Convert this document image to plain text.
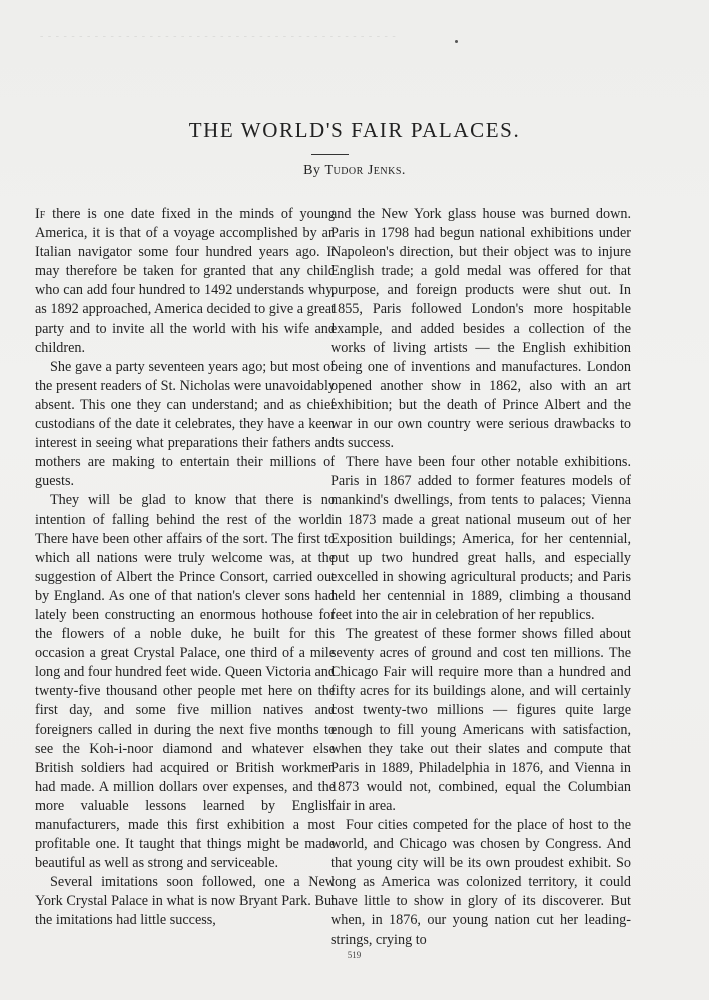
- - - - - - - - - - - - - - - - - - - - - - - - - - - - - - - - - - - - - - - - - - - - - -
THE WORLD'S FAIR PALACES.
By Tudor Jenks.

If there is one date fixed in the minds of young America, it is that of a voyage accomplished by an Italian navigator some four hundred years ago. It may therefore be taken for granted that any child who can add four hundred to 1492 understands why, as 1892 approached, America decided to give a great party and to invite all the world with his wife and children.

She gave a party seventeen years ago; but most of the present readers of St. Nicholas were unavoidably absent. This one they can understand; and as chief custodians of the date it celebrates, they have a keen interest in seeing what preparations their fathers and mothers are making to entertain their millions of guests.

They will be glad to know that there is no intention of falling behind the rest of the world. There have been other affairs of the sort. The first to which all nations were truly welcome was, at the suggestion of Albert the Prince Consort, carried out by England. As one of that nation's clever sons had lately been constructing an enormous hothouse for the flowers of a noble duke, he built for this occasion a great Crystal Palace, one third of a mile long and four hundred feet wide. Queen Victoria and twenty-five thousand other people met here on the first day, and some five million natives and foreigners called in during the next five months to see the Koh-i-noor diamond and whatever else British soldiers had acquired or British workmen had made. A million dollars over expenses, and the more valuable lessons learned by English manufacturers, made this first exhibition a most profitable one. It taught that things might be made beautiful as well as strong and serviceable.

Several imitations soon followed, one a New York Crystal Palace in what is now Bryant Park. But the imitations had little success,

and the New York glass house was burned down. Paris in 1798 had begun national exhibitions under Napoleon's direction, but their object was to injure English trade; a gold medal was offered for that purpose, and foreign products were shut out. In 1855, Paris followed London's more hospitable example, and added besides a collection of the works of living artists — the English exhibition being one of inventions and manufactures. London opened another show in 1862, also with an art exhibition; but the death of Prince Albert and the war in our own country were serious drawbacks to its success.

There have been four other notable exhibitions. Paris in 1867 added to former features models of mankind's dwellings, from tents to palaces; Vienna in 1873 made a great national museum out of her Exposition buildings; America, for her centennial, put up two hundred great halls, and especially excelled in showing agricultural products; and Paris held her centennial in 1889, climbing a thousand feet into the air in celebration of her republics.

The greatest of these former shows filled about seventy acres of ground and cost ten millions. The Chicago Fair will require more than a hundred and fifty acres for its buildings alone, and will certainly cost twenty-two millions — figures quite large enough to fill young Americans with satisfaction, when they take out their slates and compute that Paris in 1889, Philadelphia in 1876, and Vienna in 1873 would not, combined, equal the Columbian fair in area.

Four cities competed for the place of host to the world, and Chicago was chosen by Congress. And that young city will be its own proudest exhibit. So long as America was colonized territory, it could have little to show in glory of its discoverer. But when, in 1876, our young nation cut her leading-strings, crying to

519
